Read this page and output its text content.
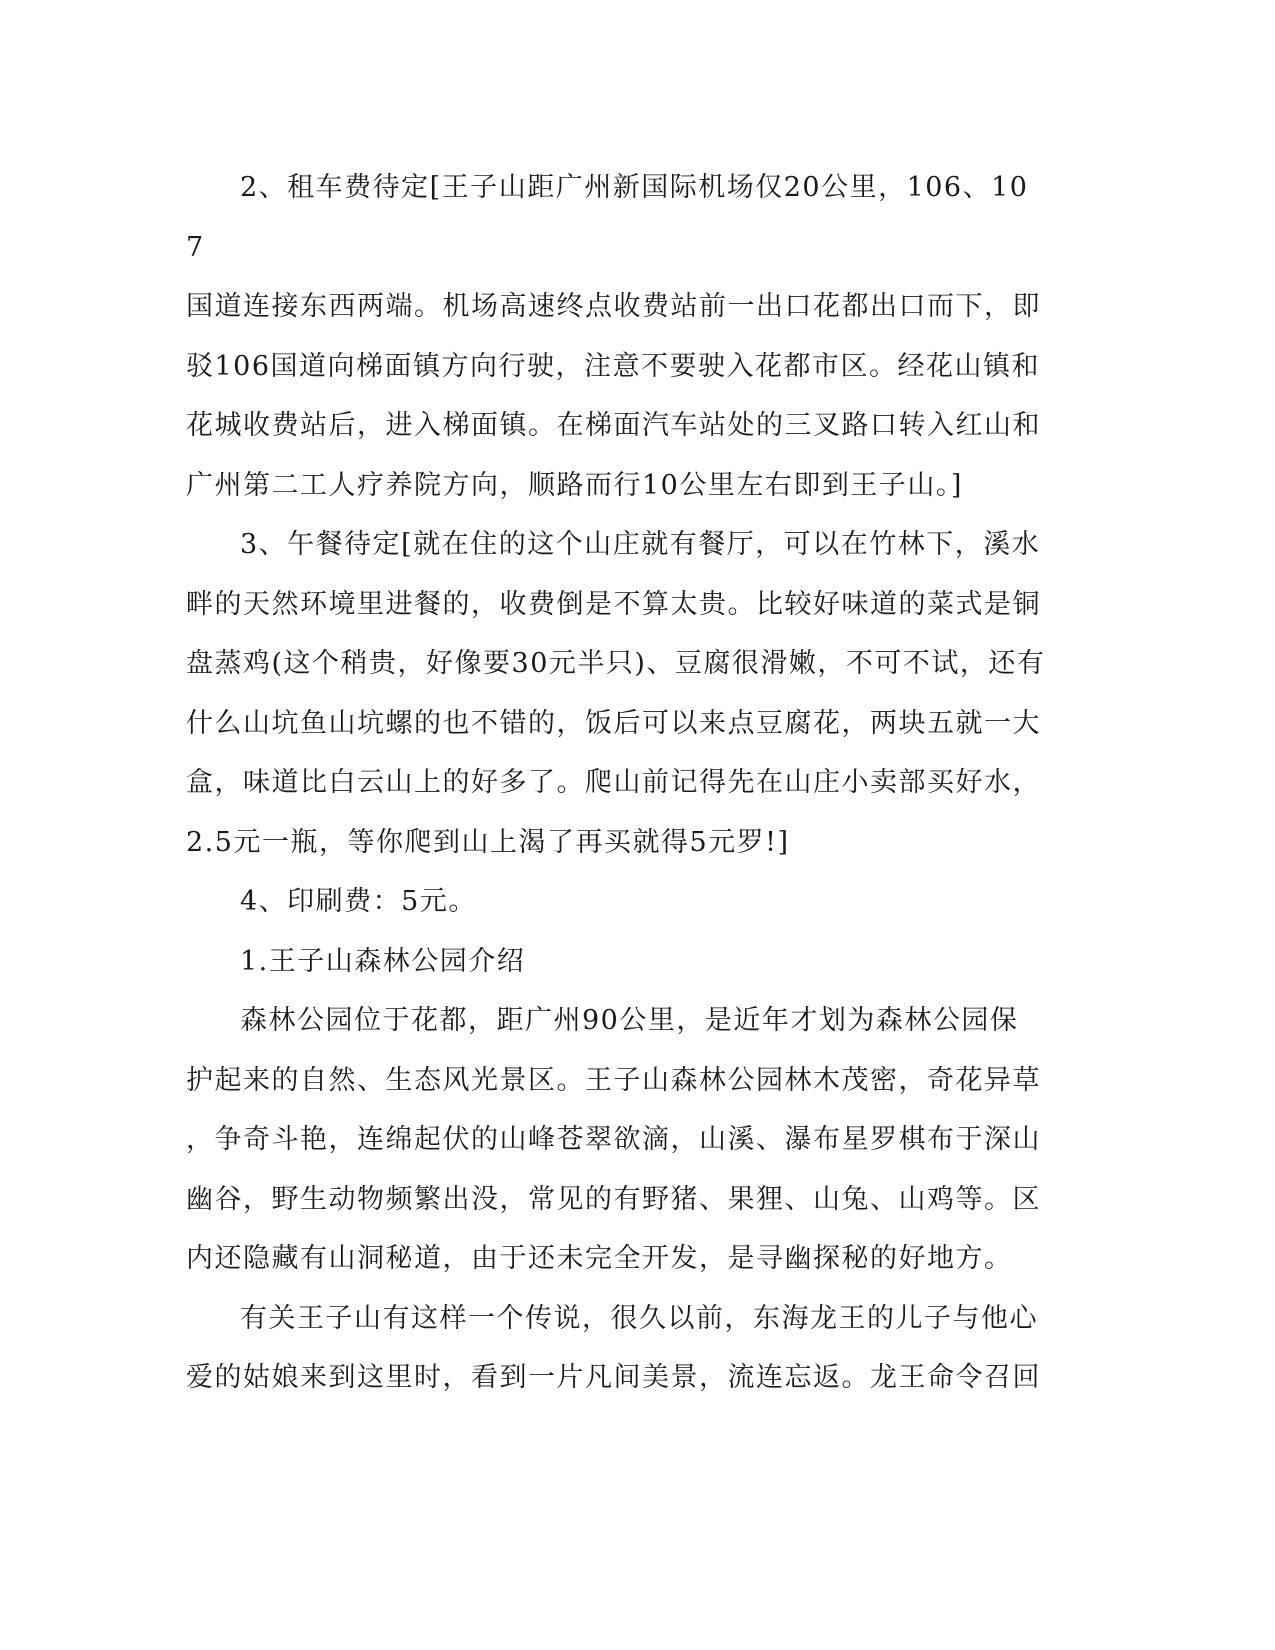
2、租车费待定[王子山距广州新国际机场仅20公里，106、107
国道连接东西两端。机场高速终点收费站前一出口花都出口而下，即
驳106国道向梯面镇方向行驶，注意不要驶入花都市区。经花山镇和
花城收费站后，进入梯面镇。在梯面汽车站处的三叉路口转入红山和
广州第二工人疗养院方向，顺路而行10公里左右即到王子山。]

3、午餐待定[就在住的这个山庄就有餐厅，可以在竹林下，溪水
畔的天然环境里进餐的，收费倒是不算太贵。比较好味道的菜式是铜
盘蒸鸡(这个稍贵，好像要30元半只)、豆腐很滑嫩，不可不试，还有
什么山坑鱼山坑螺的也不错的，饭后可以来点豆腐花，两块五就一大
盒，味道比白云山上的好多了。爬山前记得先在山庄小卖部买好水，
2.5元一瓶，等你爬到山上渴了再买就得5元罗!]

4、印刷费：5元。

1.王子山森林公园介绍

森林公园位于花都，距广州90公里，是近年才划为森林公园保
护起来的自然、生态风光景区。王子山森林公园林木茂密，奇花异草
，争奇斗艳，连绵起伏的山峰苍翠欲滴，山溪、瀑布星罗棋布于深山
幽谷，野生动物频繁出没，常见的有野猪、果狸、山兔、山鸡等。区
内还隐藏有山洞秘道，由于还未完全开发，是寻幽探秘的好地方。

有关王子山有这样一个传说，很久以前，东海龙王的儿子与他心
爱的姑娘来到这里时，看到一片凡间美景，流连忘返。龙王命令召回
